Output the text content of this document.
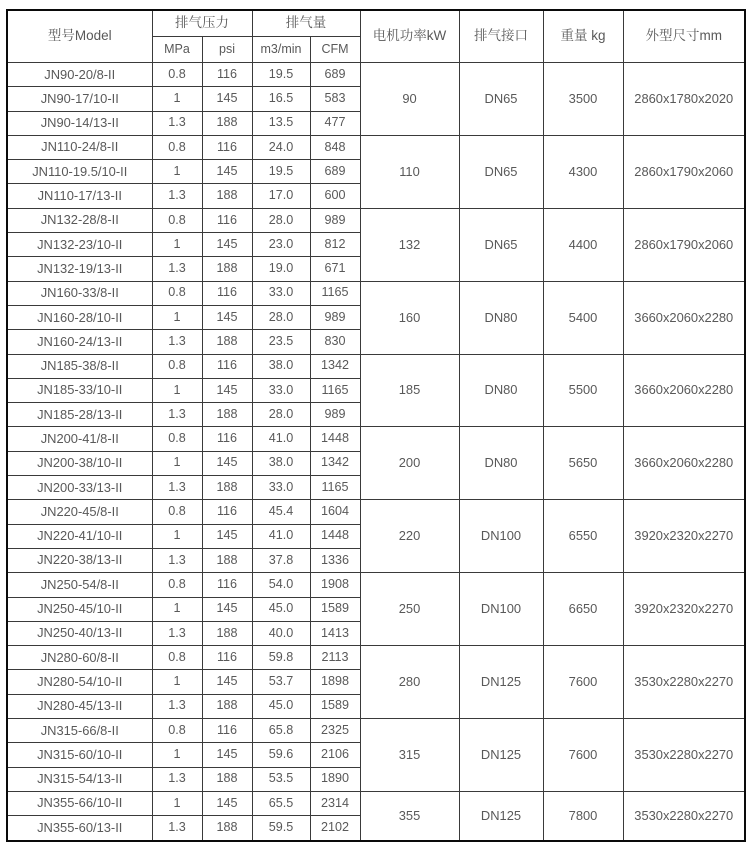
型号Model	排气压力		排气量		电机功率kW	排气接口	重量 kg	外型尺寸mm
	MPa	psi	m3/min	CFM				
JN90-20/8-II	0.8	116	19.5	689	90	DN65	3500	2860x1780x2020
JN90-17/10-II	1	145	16.5	583				
JN90-14/13-II	1.3	188	13.5	477				
JN110-24/8-II	0.8	116	24.0	848	110	DN65	4300	2860x1790x2060
JN110-19.5/10-II	1	145	19.5	689				
JN110-17/13-II	1.3	188	17.0	600				
JN132-28/8-II	0.8	116	28.0	989	132	DN65	4400	2860x1790x2060
JN132-23/10-II	1	145	23.0	812				
JN132-19/13-II	1.3	188	19.0	671				
JN160-33/8-II	0.8	116	33.0	1165	160	DN80	5400	3660x2060x2280
JN160-28/10-II	1	145	28.0	989				
JN160-24/13-II	1.3	188	23.5	830				
JN185-38/8-II	0.8	116	38.0	1342	185	DN80	5500	3660x2060x2280
JN185-33/10-II	1	145	33.0	1165				
JN185-28/13-II	1.3	188	28.0	989				
JN200-41/8-II	0.8	116	41.0	1448	200	DN80	5650	3660x2060x2280
JN200-38/10-II	1	145	38.0	1342				
JN200-33/13-II	1.3	188	33.0	1165				
JN220-45/8-II	0.8	116	45.4	1604	220	DN100	6550	3920x2320x2270
JN220-41/10-II	1	145	41.0	1448				
JN220-38/13-II	1.3	188	37.8	1336				
JN250-54/8-II	0.8	116	54.0	1908	250	DN100	6650	3920x2320x2270
JN250-45/10-II	1	145	45.0	1589				
JN250-40/13-II	1.3	188	40.0	1413				
JN280-60/8-II	0.8	116	59.8	2113	280	DN125	7600	3530x2280x2270
JN280-54/10-II	1	145	53.7	1898				
JN280-45/13-II	1.3	188	45.0	1589				
JN315-66/8-II	0.8	116	65.8	2325	315	DN125	7600	3530x2280x2270
JN315-60/10-II	1	145	59.6	2106				
JN315-54/13-II	1.3	188	53.5	1890				
JN355-66/10-II	1	145	65.5	2314	355	DN125	7800	3530x2280x2270
JN355-60/13-II	1.3	188	59.5	2102				
